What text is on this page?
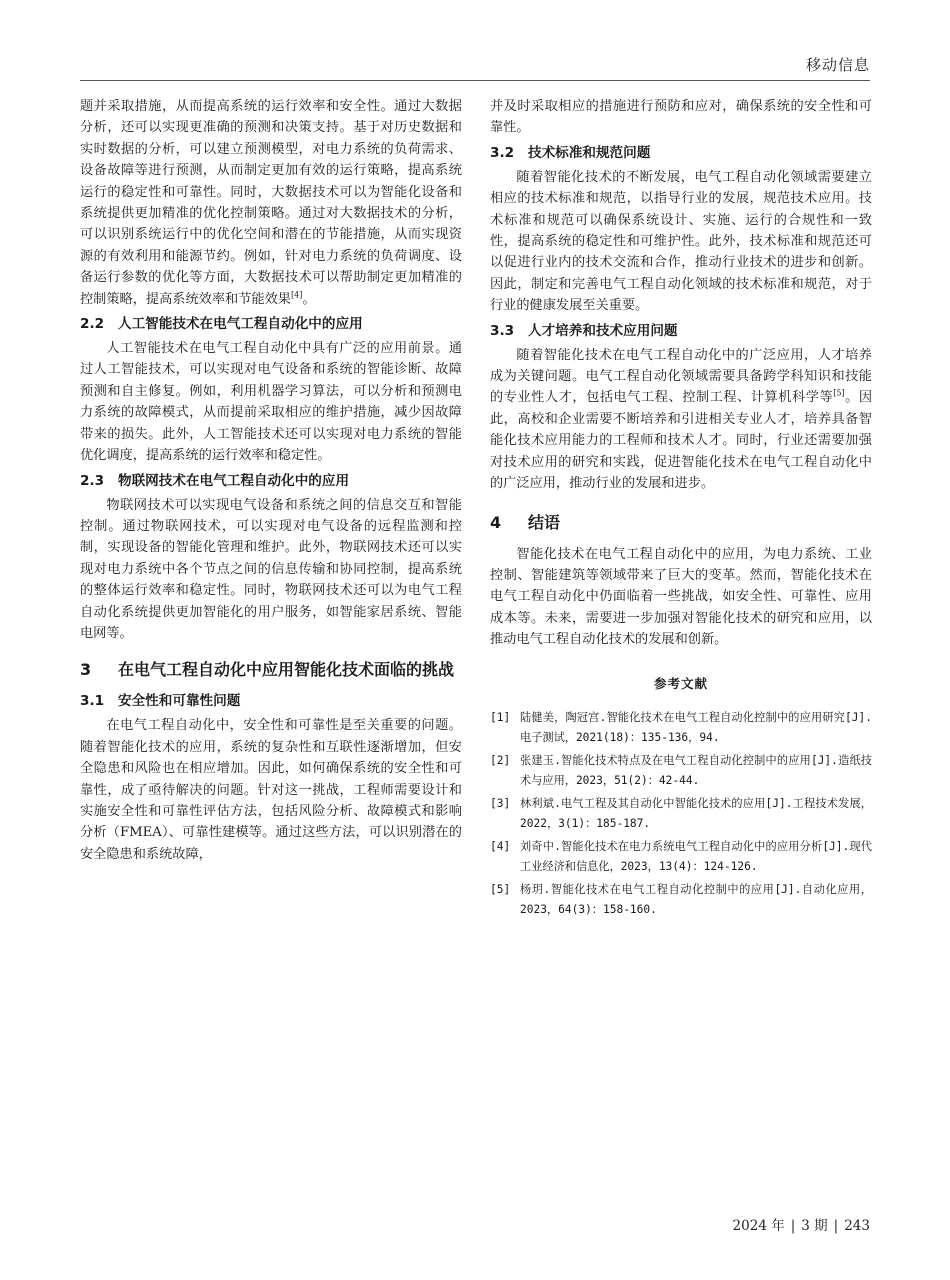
移动信息

题并采取措施，从而提高系统的运行效率和安全性。通过大数据分析，还可以实现更准确的预测和决策支持。基于对历史数据和实时数据的分析，可以建立预测模型，对电力系统的负荷需求、设备故障等进行预测，从而制定更加有效的运行策略，提高系统运行的稳定性和可靠性。同时，大数据技术可以为智能化设备和系统提供更加精准的优化控制策略。通过对大数据技术的分析，可以识别系统运行中的优化空间和潜在的节能措施，从而实现资源的有效利用和能源节约。例如，针对电力系统的负荷调度、设备运行参数的优化等方面，大数据技术可以帮助制定更加精准的控制策略，提高系统效率和节能效果[4]。

2.2 人工智能技术在电气工程自动化中的应用

人工智能技术在电气工程自动化中具有广泛的应用前景。通过人工智能技术，可以实现对电气设备和系统的智能诊断、故障预测和自主修复。例如，利用机器学习算法，可以分析和预测电力系统的故障模式，从而提前采取相应的维护措施，减少因故障带来的损失。此外，人工智能技术还可以实现对电力系统的智能优化调度，提高系统的运行效率和稳定性。

2.3 物联网技术在电气工程自动化中的应用

物联网技术可以实现电气设备和系统之间的信息交互和智能控制。通过物联网技术，可以实现对电气设备的远程监测和控制，实现设备的智能化管理和维护。此外，物联网技术还可以实现对电力系统中各个节点之间的信息传输和协同控制，提高系统的整体运行效率和稳定性。同时，物联网技术还可以为电气工程自动化系统提供更加智能化的用户服务，如智能家居系统、智能电网等。

3	在电气工程自动化中应用智能化技术面临的挑战
3.1 安全性和可靠性问题

在电气工程自动化中，安全性和可靠性是至关重要的问题。随着智能化技术的应用，系统的复杂性和互联性逐渐增加，但安全隐患和风险也在相应增加。因此，如何确保系统的安全性和可靠性，成了亟待解决的问题。针对这一挑战，工程师需要设计和实施安全性和可靠性评估方法，包括风险分析、故障模式和影响分析（FMEA）、可靠性建模等。通过这些方法，可以识别潜在的安全隐患和系统故障，

并及时采取相应的措施进行预防和应对，确保系统的安全性和可靠性。

3.2 技术标准和规范问题

随着智能化技术的不断发展，电气工程自动化领域需要建立相应的技术标准和规范，以指导行业的发展，规范技术应用。技术标准和规范可以确保系统设计、实施、运行的合规性和一致性，提高系统的稳定性和可维护性。此外，技术标准和规范还可以促进行业内的技术交流和合作，推动行业技术的进步和创新。因此，制定和完善电气工程自动化领域的技术标准和规范，对于行业的健康发展至关重要。

3.3 人才培养和技术应用问题

随着智能化技术在电气工程自动化中的广泛应用，人才培养成为关键问题。电气工程自动化领域需要具备跨学科知识和技能的专业性人才，包括电气工程、控制工程、计算机科学等[5]。因此，高校和企业需要不断培养和引进相关专业人才，培养具备智能化技术应用能力的工程师和技术人才。同时，行业还需要加强对技术应用的研究和实践，促进智能化技术在电气工程自动化中的广泛应用，推动行业的发展和进步。

4	结语

智能化技术在电气工程自动化中的应用，为电力系统、工业控制、智能建筑等领域带来了巨大的变革。然而，智能化技术在电气工程自动化中仍面临着一些挑战，如安全性、可靠性、应用成本等。未来，需要进一步加强对智能化技术的研究和应用，以推动电气工程自动化技术的发展和创新。

参考文献
[1] 陆健美，陶冠宫.智能化技术在电气工程自动化控制中的应用研究[J].电子测试，2021(18)：135-136，94.
[2] 张建玉.智能化技术特点及在电气工程自动化控制中的应用[J].造纸技术与应用，2023，51(2)：42-44.
[3] 林利斌.电气工程及其自动化中智能化技术的应用[J].工程技术发展，2022，3(1)：185-187.
[4] 刘奇中.智能化技术在电力系统电气工程自动化中的应用分析[J].现代工业经济和信息化，2023，13(4)：124-126.
[5] 杨玥.智能化技术在电气工程自动化控制中的应用[J].自动化应用，2023，64(3)：158-160.
2024 年 | 3 期 | 243
